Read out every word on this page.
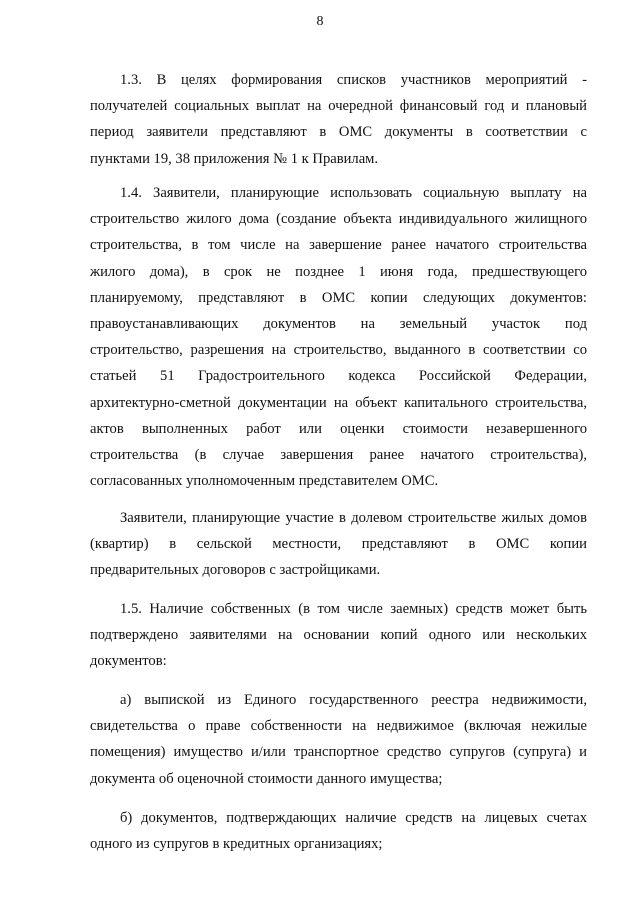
8
1.3. В целях формирования списков участников мероприятий -
получателей социальных выплат на очередной финансовый год и плановый
период заявители представляют в ОМС документы в соответствии с
пунктами 19, 38 приложения № 1 к Правилам.
1.4. Заявители, планирующие использовать социальную выплату на
строительство жилого дома (создание объекта индивидуального жилищного
строительства, в том числе на завершение ранее начатого строительства
жилого дома), в срок не позднее 1 июня года, предшествующего
планируемому, представляют в ОМС копии следующих документов:
правоустанавливающих документов на земельный участок под
строительство, разрешения на строительство, выданного в соответствии со
статьей 51 Градостроительного кодекса Российской Федерации,
архитектурно-сметной документации на объект капитального строительства,
актов выполненных работ или оценки стоимости незавершенного
строительства (в случае завершения ранее начатого строительства),
согласованных уполномоченным представителем ОМС.
Заявители, планирующие участие в долевом строительстве жилых домов
(квартир) в сельской местности, представляют в ОМС копии
предварительных договоров с застройщиками.
1.5. Наличие собственных (в том числе заемных) средств может быть
подтверждено заявителями на основании копий одного или нескольких
документов:
а) выпиской из Единого государственного реестра недвижимости,
свидетельства о праве собственности на недвижимое (включая нежилые
помещения) имущество и/или транспортное средство супругов (супруга) и
документа об оценочной стоимости данного имущества;
б) документов, подтверждающих наличие средств на лицевых счетах
одного из супругов в кредитных организациях;
